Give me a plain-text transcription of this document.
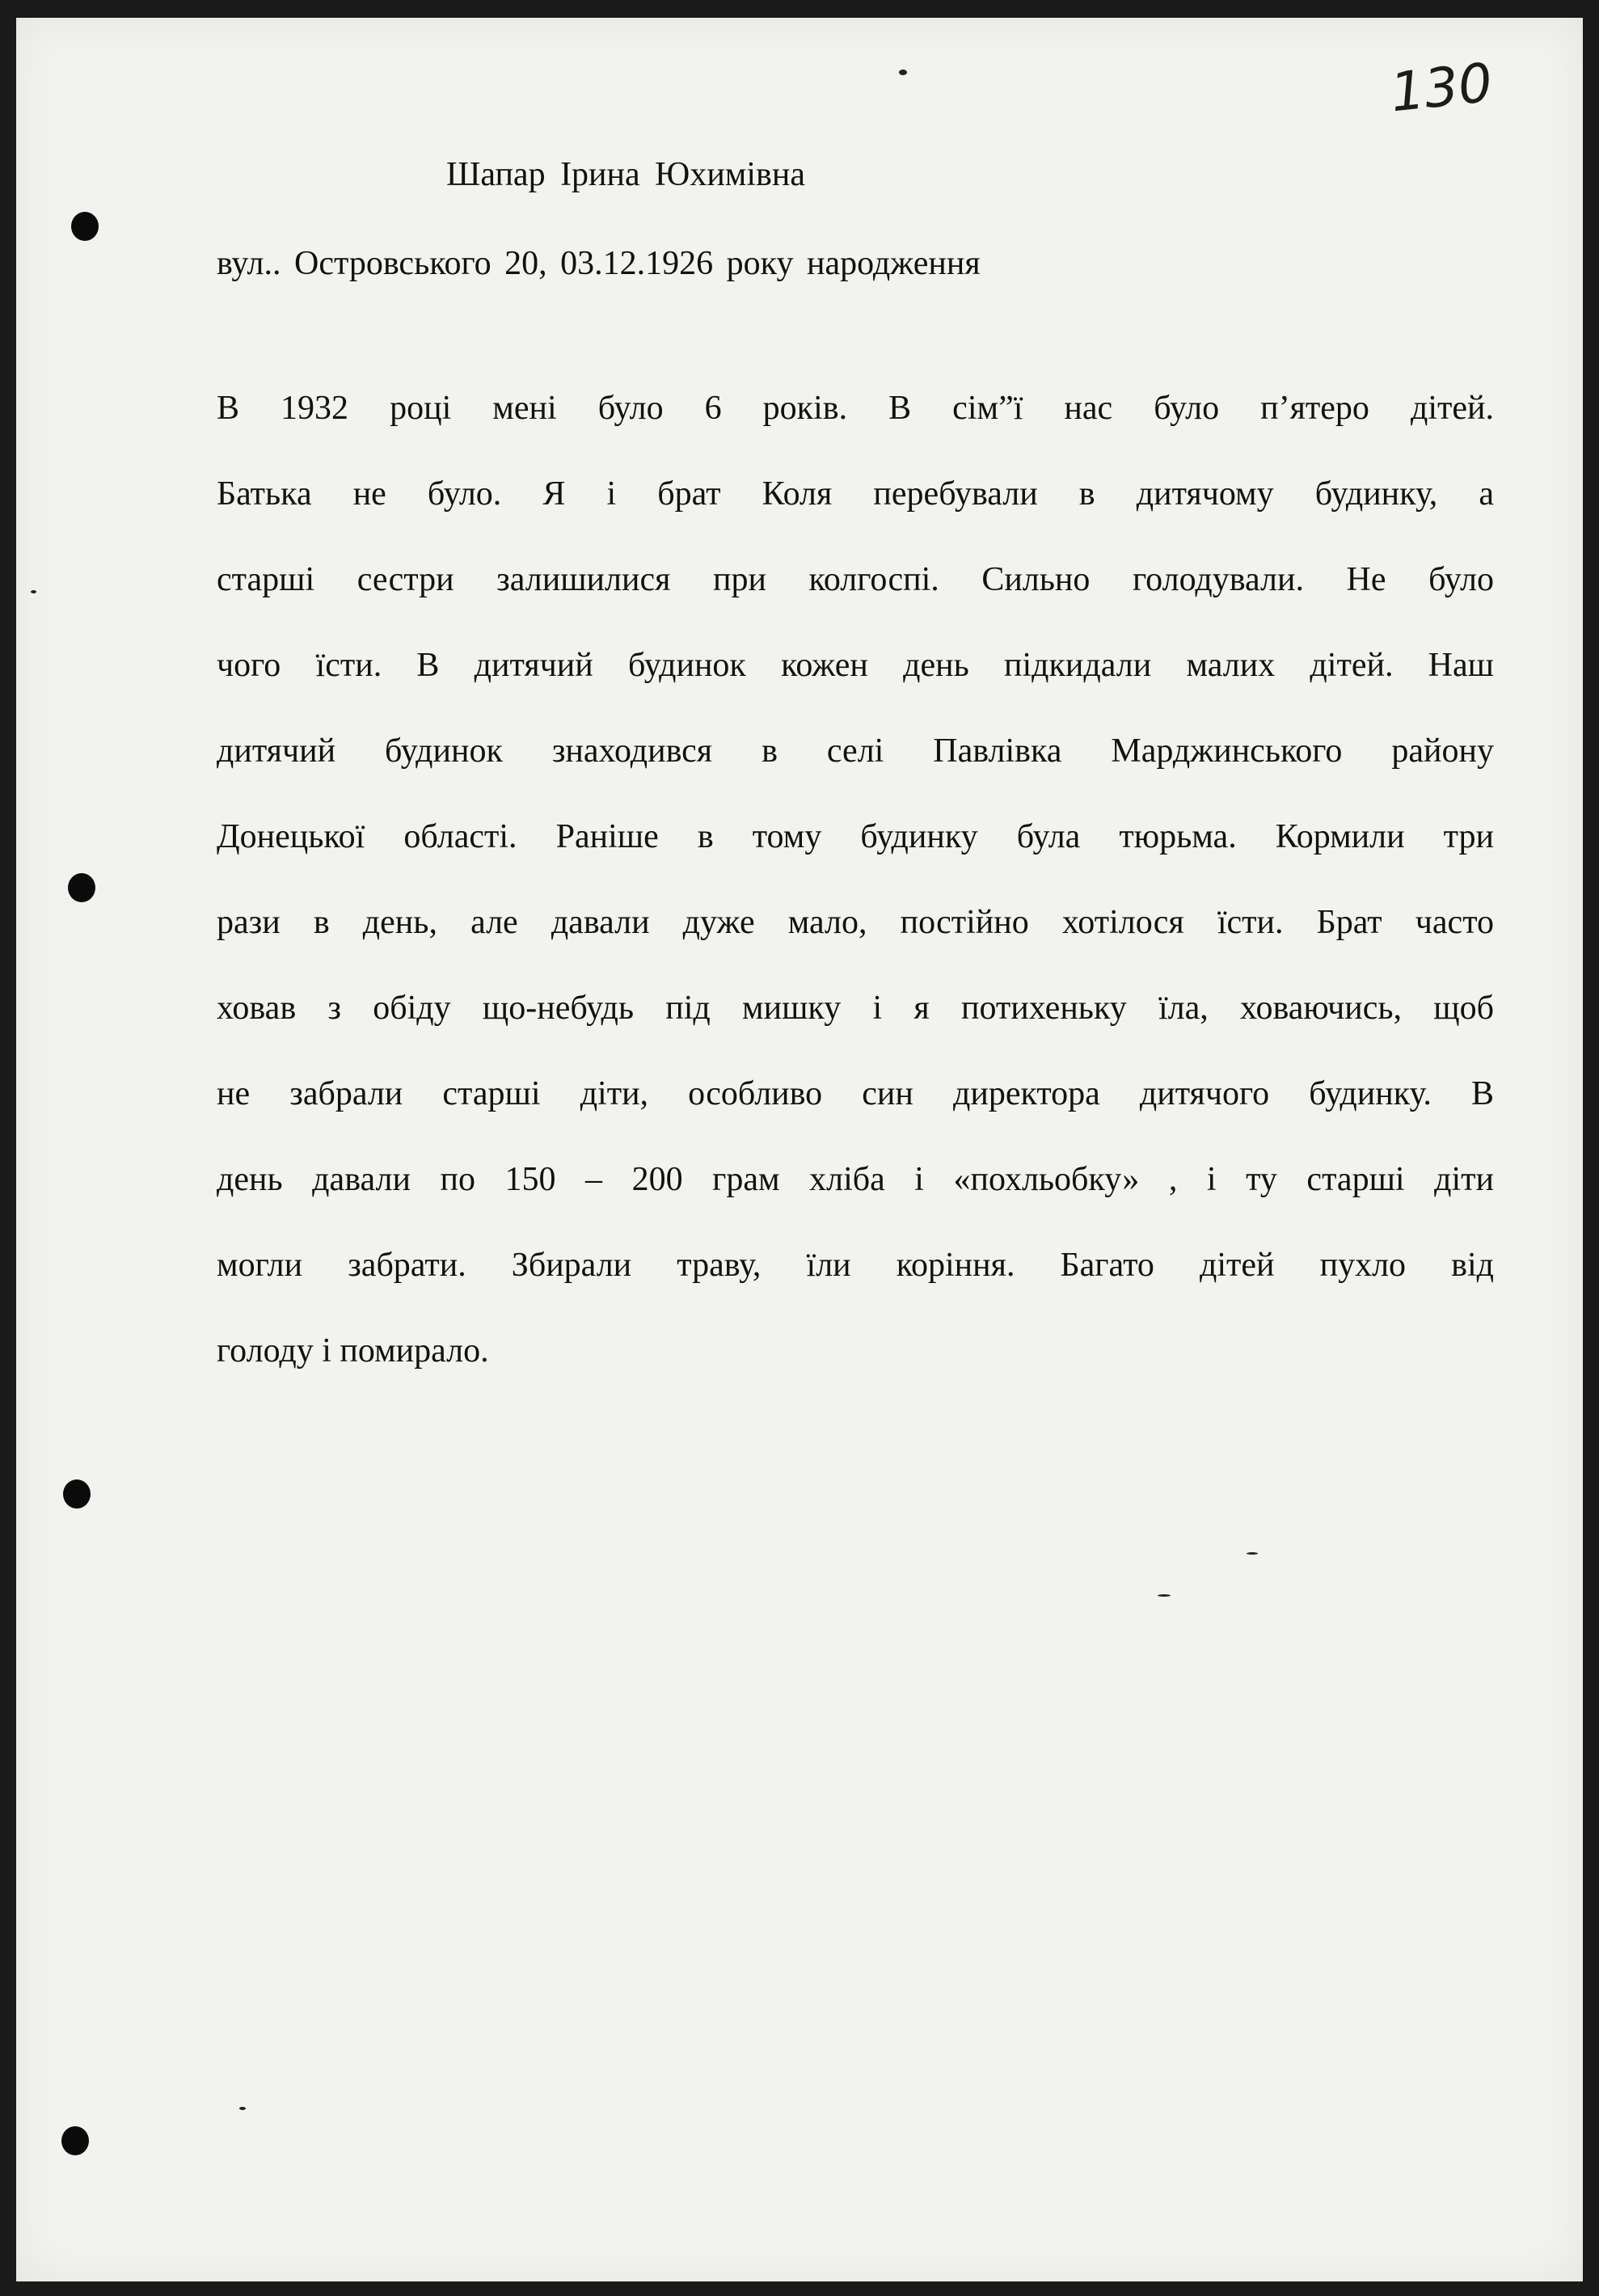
130
Шапар Ірина Юхимівна
вул.. Островського 20, 03.12.1926 року народження
В 1932 році мені було 6 років. В сім”ї нас було п’ятеро дітей.
Батька не було. Я і брат Коля перебували в дитячому будинку, а
старші сестри залишилися при колгоспі. Сильно голодували. Не було
чого їсти. В дитячий будинок кожен день підкидали малих дітей. Наш
дитячий будинок знаходився в селі Павлівка Марджинського району
Донецької області. Раніше в тому будинку була тюрьма. Кормили три
рази в день, але давали дуже мало, постійно хотілося їсти. Брат часто
ховав з обіду що-небудь під мишку і я потихеньку їла, ховаючись, щоб
не забрали старші діти, особливо син директора дитячого будинку. В
день давали по 150 – 200 грам хліба і «похльобку» , і ту старші діти
могли забрати. Збирали траву, їли коріння. Багато дітей пухло від
голоду і помирало.
